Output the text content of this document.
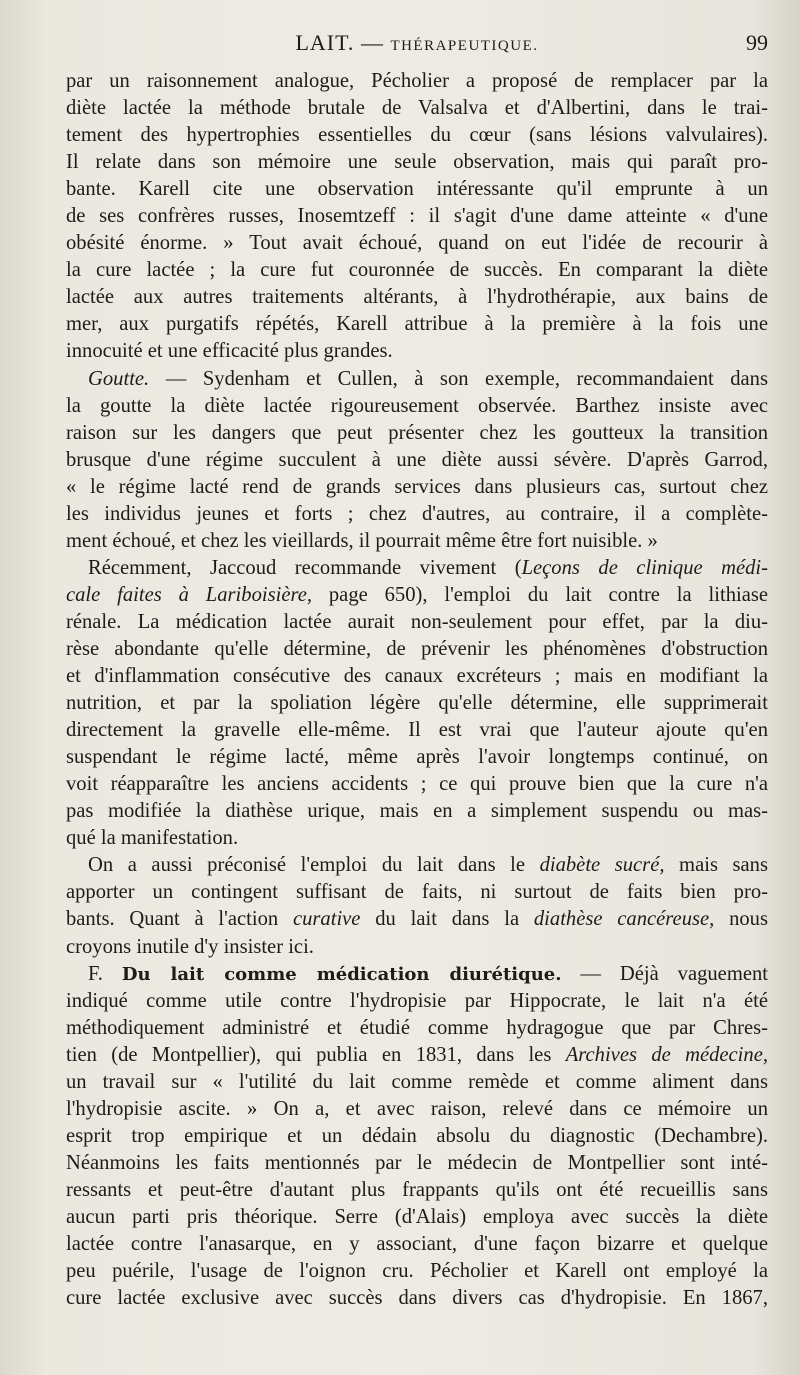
LAIT. — THÉRAPEUTIQUE.	99
par un raisonnement analogue, Pécholier a proposé de remplacer par la
diète lactée la méthode brutale de Valsalva et d'Albertini, dans le trai-
tement des hypertrophies essentielles du cœur (sans lésions valvulaires).
Il relate dans son mémoire une seule observation, mais qui paraît pro-
bante. Karell cite une observation intéressante qu'il emprunte à un
de ses confrères russes, Inosemtzeff : il s'agit d'une dame atteinte « d'une
obésité énorme. » Tout avait échoué, quand on eut l'idée de recourir à
la cure lactée ; la cure fut couronnée de succès. En comparant la diète
lactée aux autres traitements altérants, à l'hydrothérapie, aux bains de
mer, aux purgatifs répétés, Karell attribue à la première à la fois une
innocuité et une efficacité plus grandes.
Goutte. — Sydenham et Cullen, à son exemple, recommandaient dans
la goutte la diète lactée rigoureusement observée. Barthez insiste avec
raison sur les dangers que peut présenter chez les goutteux la transition
brusque d'une régime succulent à une diète aussi sévère. D'après Garrod,
« le régime lacté rend de grands services dans plusieurs cas, surtout chez
les individus jeunes et forts ; chez d'autres, au contraire, il a complète-
ment échoué, et chez les vieillards, il pourrait même être fort nuisible. »
Récemment, Jaccoud recommande vivement (Leçons de clinique médi-
cale faites à Lariboisière, page 650), l'emploi du lait contre la lithiase
rénale. La médication lactée aurait non-seulement pour effet, par la diu-
rèse abondante qu'elle détermine, de prévenir les phénomènes d'obstruction
et d'inflammation consécutive des canaux excréteurs ; mais en modifiant la
nutrition, et par la spoliation légère qu'elle détermine, elle supprimerait
directement la gravelle elle-même. Il est vrai que l'auteur ajoute qu'en
suspendant le régime lacté, même après l'avoir longtemps continué, on
voit réapparaître les anciens accidents ; ce qui prouve bien que la cure n'a
pas modifiée la diathèse urique, mais en a simplement suspendu ou mas-
qué la manifestation.
On a aussi préconisé l'emploi du lait dans le diabète sucré, mais sans
apporter un contingent suffisant de faits, ni surtout de faits bien pro-
bants. Quant à l'action curative du lait dans la diathèse cancéreuse, nous
croyons inutile d'y insister ici.
F. Du lait comme médication diurétique. — Déjà vaguement
indiqué comme utile contre l'hydropisie par Hippocrate, le lait n'a été
méthodiquement administré et étudié comme hydragogue que par Chres-
tien (de Montpellier), qui publia en 1831, dans les Archives de médecine,
un travail sur « l'utilité du lait comme remède et comme aliment dans
l'hydropisie ascite. » On a, et avec raison, relevé dans ce mémoire un
esprit trop empirique et un dédain absolu du diagnostic (Dechambre).
Néanmoins les faits mentionnés par le médecin de Montpellier sont inté-
ressants et peut-être d'autant plus frappants qu'ils ont été recueillis sans
aucun parti pris théorique. Serre (d'Alais) employa avec succès la diète
lactée contre l'anasarque, en y associant, d'une façon bizarre et quelque
peu puérile, l'usage de l'oignon cru. Pécholier et Karell ont employé la
cure lactée exclusive avec succès dans divers cas d'hydropisie. En 1867,
